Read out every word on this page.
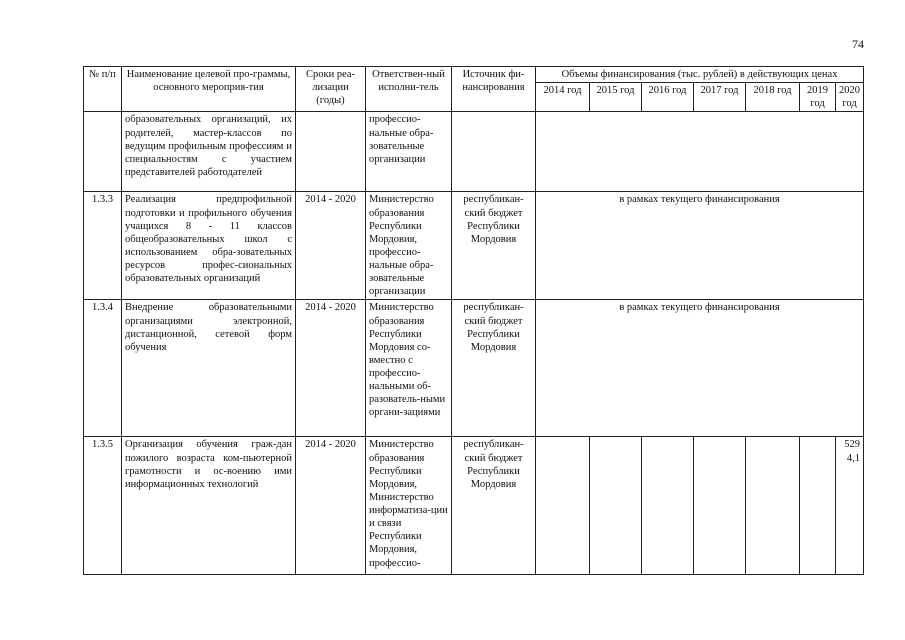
74
№ п/п	Наименование целевой про-граммы, основного мероприя-тия	Сроки реа-лизации (годы)	Ответствен-ный исполни-тель	Источник фи-нансирования	Объемы финансирования (тыс. рублей) в действующих ценах						
					2014 год	2015 год	2016 год	2017 год	2018 год	2019 год	2020 год
	образовательных организаций, их родителей, мастер-классов по ведущим профильным профессиям и специальностям с участием представителей работодателей		профессио-нальные обра-зовательные организации								
1.3.3	Реализация предпрофильной подготовки и профильного обучения учащихся 8 - 11 классов общеобразовательных школ с использованием обра-зовательных ресурсов профес-сиональных образовательных организаций	2014 - 2020	Министерство образования Республики Мордовия, профессио-нальные обра-зовательные организации	республикан-ский бюджет Республики Мордовия	в рамках текущего финансирования						
1.3.4	Внедрение образовательными организациями электронной, дистанционной, сетевой форм обучения	2014 - 2020	Министерство образования Республики Мордовия со-вместно с профессио-нальными об-разователь-ными органи-зациями	республикан-ский бюджет Республики Мордовия	в рамках текущего финансирования						
1.3.5	Организация обучения граж-дан пожилого возраста ком-пьютерной грамотности и ос-воению ими информационных технологий	2014 - 2020	Министерство образования Республики Мордовия, Министерство информатиза-ции и связи Республики Мордовия, профессио-	республикан-ский бюджет Республики Мордовия							5294,1
